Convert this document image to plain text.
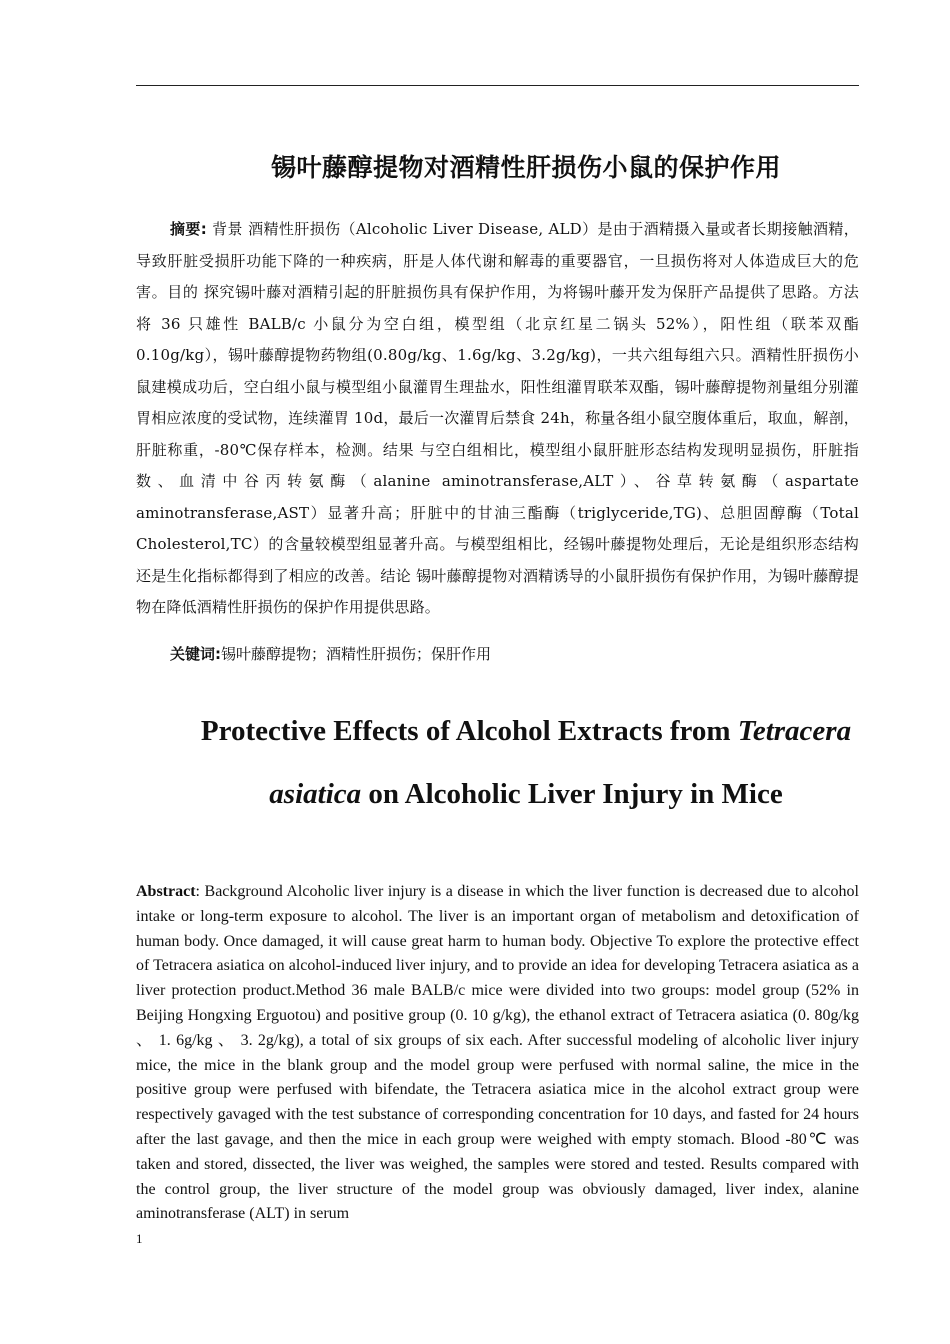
锡叶藤醇提物对酒精性肝损伤小鼠的保护作用

摘要: 背景 酒精性肝损伤（Alcoholic Liver Disease, ALD）是由于酒精摄入量或者长期接触酒精，导致肝脏受损肝功能下降的一种疾病，肝是人体代谢和解毒的重要器官，一旦损伤将对人体造成巨大的危害。目的 探究锡叶藤对酒精引起的肝脏损伤具有保护作用，为将锡叶藤开发为保肝产品提供了思路。方法 将 36 只雄性 BALB/c 小鼠分为空白组，模型组（北京红星二锅头 52%），阳性组（联苯双酯 0.10g/kg），锡叶藤醇提物药物组(0.80g/kg、1.6g/kg、3.2g/kg)，一共六组每组六只。酒精性肝损伤小鼠建模成功后，空白组小鼠与模型组小鼠灌胃生理盐水，阳性组灌胃联苯双酯，锡叶藤醇提物剂量组分别灌胃相应浓度的受试物，连续灌胃 10d，最后一次灌胃后禁食 24h，称量各组小鼠空腹体重后，取血，解剖，肝脏称重，-80℃保存样本，检测。结果 与空白组相比，模型组小鼠肝脏形态结构发现明显损伤，肝脏指数、血清中谷丙转氨酶（alanine aminotransferase,ALT）、谷草转氨酶（aspartate aminotransferase,AST）显著升高；肝脏中的甘油三酯酶（triglyceride,TG)、总胆固醇酶（Total Cholesterol,TC）的含量较模型组显著升高。与模型组相比，经锡叶藤提物处理后，无论是组织形态结构还是生化指标都得到了相应的改善。结论 锡叶藤醇提物对酒精诱导的小鼠肝损伤有保护作用，为锡叶藤醇提物在降低酒精性肝损伤的保护作用提供思路。

关键词:锡叶藤醇提物；酒精性肝损伤；保肝作用

Protective Effects of Alcohol Extracts from Tetracera
asiatica on Alcoholic Liver Injury in Mice

Abstract: Background Alcoholic liver injury is a disease in which the liver function is decreased due to alcohol intake or long-term exposure to alcohol. The liver is an important organ of metabolism and detoxification of human body. Once damaged, it will cause great harm to human body. Objective To explore the protective effect of Tetracera asiatica on alcohol-induced liver injury, and to provide an idea for developing Tetracera asiatica as a liver protection product.Method 36 male BALB/c mice were divided into two groups: model group (52% in Beijing Hongxing Erguotou) and positive group (0. 10 g/kg), the ethanol extract of Tetracera asiatica (0. 80g/kg 、 1. 6g/kg 、 3. 2g/kg), a total of six groups of six each. After successful modeling of alcoholic liver injury mice, the mice in the blank group and the model group were perfused with normal saline, the mice in the positive group were perfused with bifendate, the Tetracera asiatica mice in the alcohol extract group were respectively gavaged with the test substance of corresponding concentration for 10 days, and fasted for 24 hours after the last gavage, and then the mice in each group were weighed with empty stomach. Blood -80℃ was taken and stored, dissected, the liver was weighed, the samples were stored and tested. Results compared with the control group, the liver structure of the model group was obviously damaged, liver index, alanine aminotransferase (ALT) in serum

1
